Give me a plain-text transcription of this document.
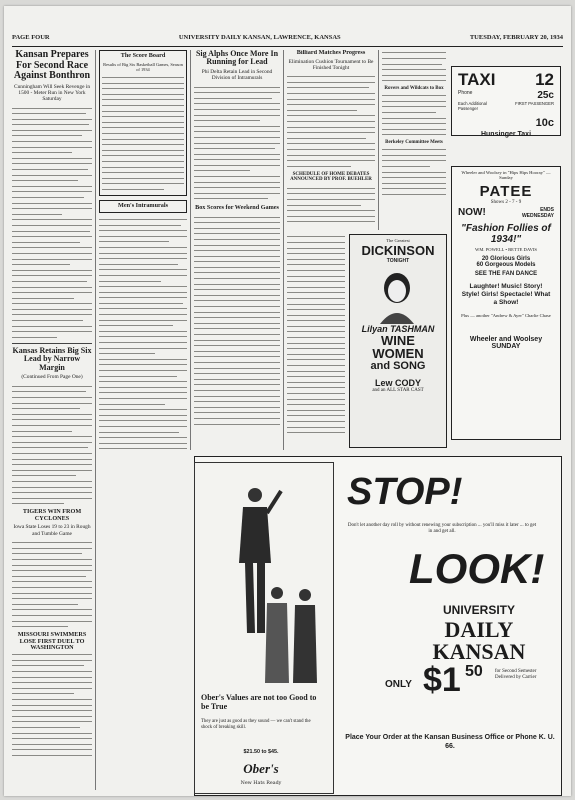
PAGE FOUR	UNIVERSITY DAILY KANSAN, LAWRENCE, KANSAS	TUESDAY, FEBRUARY 20, 1934
Kansan Prepares For Second Race Against Bonthron
Cunningham Will Seek Revenge in 1500 - Meter Run in New York Saturday
Kansas Retains Big Six Lead by Narrow Margin
(Continued From Page One)
TIGERS WIN FROM CYCLONES
Iowa State Loses 19 to 23 in Rough and Tumble Game
MISSOURI SWIMMERS LOSE FIRST DUEL TO WASHINGTON
The Score Board
Results of Big Six Basketball Games, Season of 1934
Men's Intramurals
Sig Alphs Once More In Running for Lead
Phi Delta Retain Lead in Second Division of Intramurals
Box Scores for Weekend Games
Billiard Matches Progress
Elimination Cushion Tournament to Be Finished Tonight
SCHEDULE OF HOME DEBATES ANNOUNCED BY PROF. BUEHLER
Rovers and Wildcats to Box
Berkeley Committee Meets
TAXI 12
Phone	25c
Each Additional Passenger
FIRST PASSENGER
10c
Hunsinger Taxi
Wheeler and Woolsey in "Hips Hips Hooray" — Sunday
PATEE
Shows 2 - 7 - 9
NOW!	ENDS WEDNESDAY
"Fashion Follies of 1934!"
WM. POWELL • BETTE DAVIS
20 Glorious Girls
60 Gorgeous Models
SEE THE FAN DANCE
Laughter! Music! Story! Style! Girls! Spectacle! What a Show!
Plus — another "Andrew & Ayer" Charlie Chase
Wheeler and Woolsey
SUNDAY
The Greatest
DICKINSON
TONIGHT
Lilyan TASHMAN
WINE
WOMEN
and SONG
Lew CODY
and an ALL STAR CAST
STOP!
Don't let another day roll by without renewing your subscription ... you'll miss it later ... to get in and get all.
LOOK!
UNIVERSITY
DAILY KANSAN
ONLY $1 50 for Second Semester Delivered by Carrier
Place Your Order at the Kansan Business Office or Phone K. U. 66.
Ober's Values are not too Good to be True
They are just as good as they sound — we can't stand the shock of breaking skill.
$21.50 to $45.
Ober's
New Hats Ready
